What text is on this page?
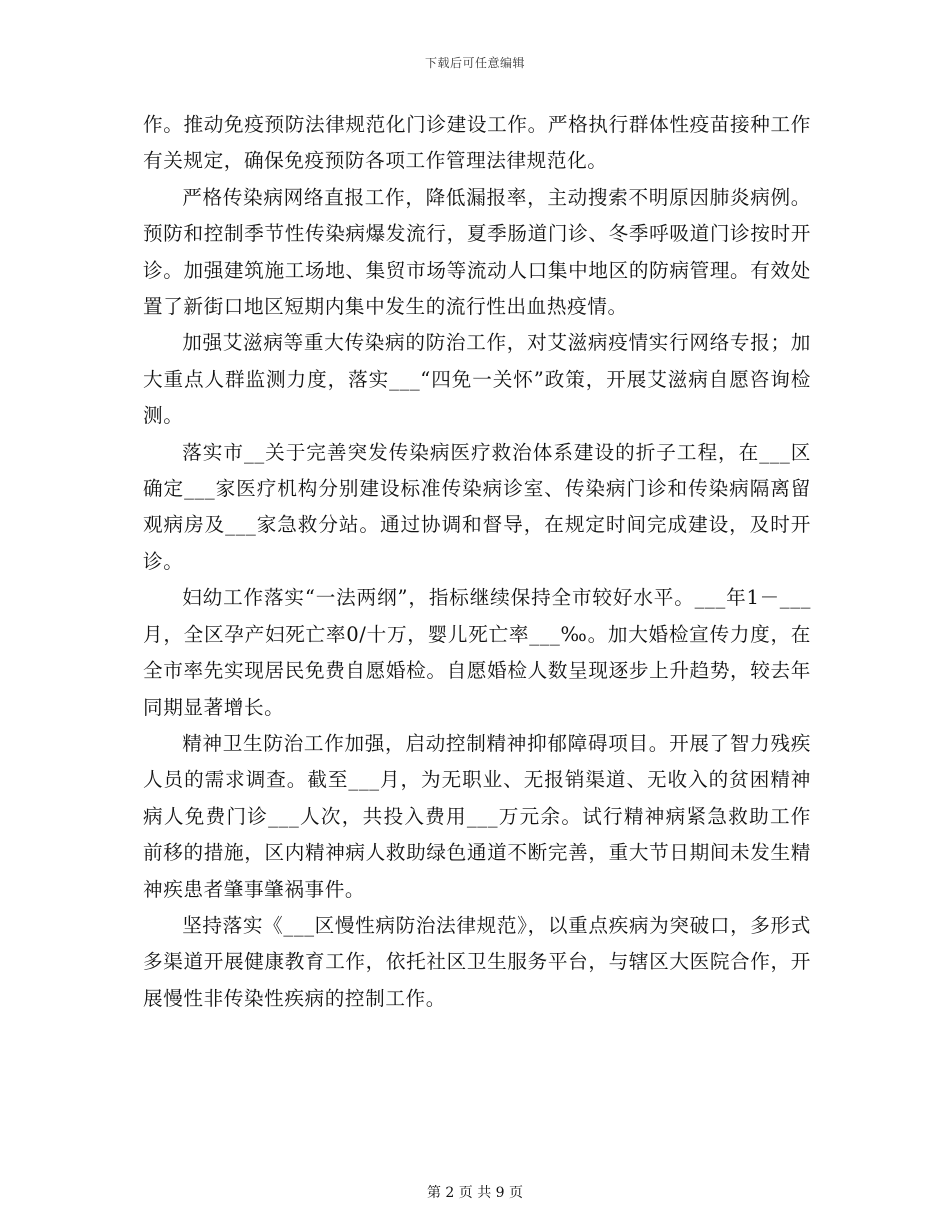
下载后可任意编辑

作。推动免疫预防法律规范化门诊建设工作。严格执行群体性疫苗接种工作有关规定，确保免疫预防各项工作管理法律规范化。

严格传染病网络直报工作，降低漏报率，主动搜索不明原因肺炎病例。预防和控制季节性传染病爆发流行，夏季肠道门诊、冬季呼吸道门诊按时开诊。加强建筑施工场地、集贸市场等流动人口集中地区的防病管理。有效处置了新街口地区短期内集中发生的流行性出血热疫情。

加强艾滋病等重大传染病的防治工作，对艾滋病疫情实行网络专报；加大重点人群监测力度，落实___“四免一关怀”政策，开展艾滋病自愿咨询检测。

落实市__关于完善突发传染病医疗救治体系建设的折子工程，在___区确定___家医疗机构分别建设标准传染病诊室、传染病门诊和传染病隔离留观病房及___家急救分站。通过协调和督导，在规定时间完成建设，及时开诊。

妇幼工作落实“一法两纲”，指标继续保持全市较好水平。___年1－___月，全区孕产妇死亡率0/十万，婴儿死亡率___‰。加大婚检宣传力度，在全市率先实现居民免费自愿婚检。自愿婚检人数呈现逐步上升趋势，较去年同期显著增长。

精神卫生防治工作加强，启动控制精神抑郁障碍项目。开展了智力残疾人员的需求调查。截至___月，为无职业、无报销渠道、无收入的贫困精神病人免费门诊___人次，共投入费用___万元余。试行精神病紧急救助工作前移的措施，区内精神病人救助绿色通道不断完善，重大节日期间未发生精神疾患者肇事肇祸事件。

坚持落实《___区慢性病防治法律规范》，以重点疾病为突破口，多形式多渠道开展健康教育工作，依托社区卫生服务平台，与辖区大医院合作，开展慢性非传染性疾病的控制工作。

第 2 页 共 9 页
